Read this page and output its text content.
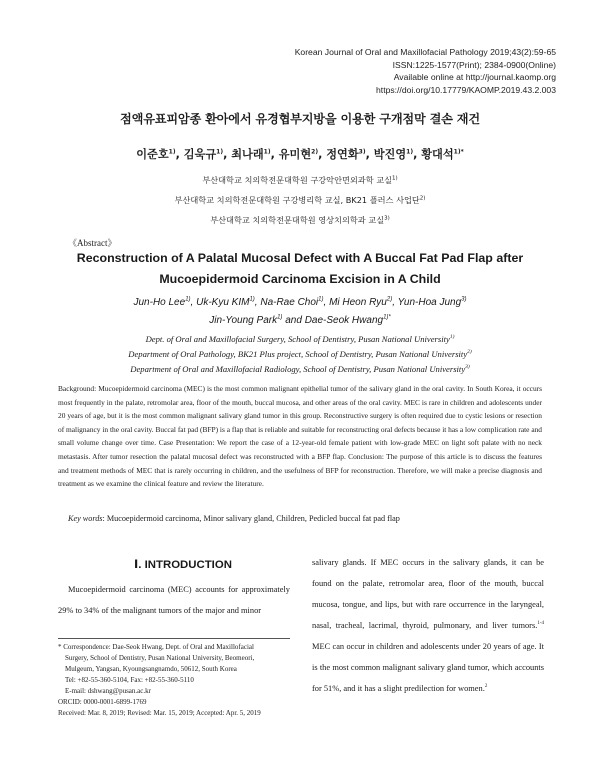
Korean Journal of Oral and Maxillofacial Pathology 2019;43(2):59-65
ISSN:1225-1577(Print); 2384-0900(Online)
Available online at http://journal.kaomp.org
https://doi.org/10.17779/KAOMP.2019.43.2.003
점액유표피암종 환아에서 유경협부지방을 이용한 구개점막 결손 재건
이준호$^{1)}$, 김욱규$^{1)}$, 최나래$^{1)}$, 유미현$^{2)}$, 정연화$^{3)}$, 박진영$^{1)}$, 황대석$^{1)*}$
부산대학교 치의학전문대학원 구강악안면외과학 교실$^{1)}$
부산대학교 치의학전문대학원 구강병리학 교실, BK21 플러스 사업단$^{2)}$
부산대학교 치의학전문대학원 영상치의학과 교실$^{3)}$
《Abstract》
Reconstruction of A Palatal Mucosal Defect with A Buccal Fat Pad Flap after
Mucoepidermoid Carcinoma Excision in A Child
Jun-Ho Lee$^{1)}$, Uk-Kyu KIM$^{1)}$, Na-Rae Choi$^{1)}$, Mi Heon Ryu$^{2)}$, Yun-Hoa Jung$^{3)}$
Jin-Young Park$^{1)}$ and Dae-Seok Hwang$^{1)*}$
Dept. of Oral and Maxillofacial Surgery, School of Dentistry, Pusan National University$^{1)}$
Department of Oral Pathology, BK21 Plus project, School of Dentistry, Pusan National University$^{2)}$
Department of Oral and Maxillofacial Radiology, School of Dentistry, Pusan National University$^{3)}$
Background: Mucoepidermoid carcinoma (MEC) is the most common malignant epithelial tumor of the salivary gland in the oral cavity. In South Korea, it occurs most frequently in the palate, retromolar area, floor of the mouth, buccal mucosa, and other areas of the oral cavity. MEC is rare in children and adolescents under 20 years of age, but it is the most common malignant salivary gland tumor in this group. Reconstructive surgery is often required due to cystic lesions or resection of malignancy in the oral cavity. Buccal fat pad (BFP) is a flap that is reliable and suitable for reconstructing oral defects because it has a low complication rate and small volume change over time. Case Presentation: We report the case of a 12-year-old female patient with low-grade MEC on light soft palate with no neck metastasis. After tumor resection the palatal mucosal defect was reconstructed with a BFP flap. Conclusion: The purpose of this article is to discuss the features and treatment methods of MEC that is rarely occurring in children, and the usefulness of BFP for reconstruction. Therefore, we will make a precise diagnosis and treatment as we examine the clinical feature and review the literature.
Key words: Mucoepidermoid carcinoma, Minor salivary gland, Children, Pedicled buccal fat pad flap
Ⅰ. INTRODUCTION
Mucoepidermoid carcinoma (MEC) accounts for approximately 29% to 34% of the malignant tumors of the major and minor
* Correspondence: Dae-Seok Hwang, Dept. of Oral and Maxillofacial
Surgery, School of Dentistry, Pusan National University, Beomeori,
Mulgeum, Yangsan, Kyoungsangnamdo, 50612, South Korea
Tel: +82-55-360-5104, Fax: +82-55-360-5110
E-mail: dshwang@pusan.ac.kr
ORCID: 0000-0001-6899-1769
Received: Mar. 8, 2019; Revised: Mar. 15, 2019; Accepted: Apr. 5, 2019
salivary glands. If MEC occurs in the salivary glands, it can be found on the palate, retromolar area, floor of the mouth, buccal mucosa, tongue, and lips, but with rare occurrence in the laryngeal, nasal, tracheal, lacrimal, thyroid, pulmonary, and liver tumors.$^{1-4}$ MEC can occur in children and adolescents under 20 years of age. It is the most common malignant salivary gland tumor, which accounts for 51%, and it has a slight predilection for women.$^2$
